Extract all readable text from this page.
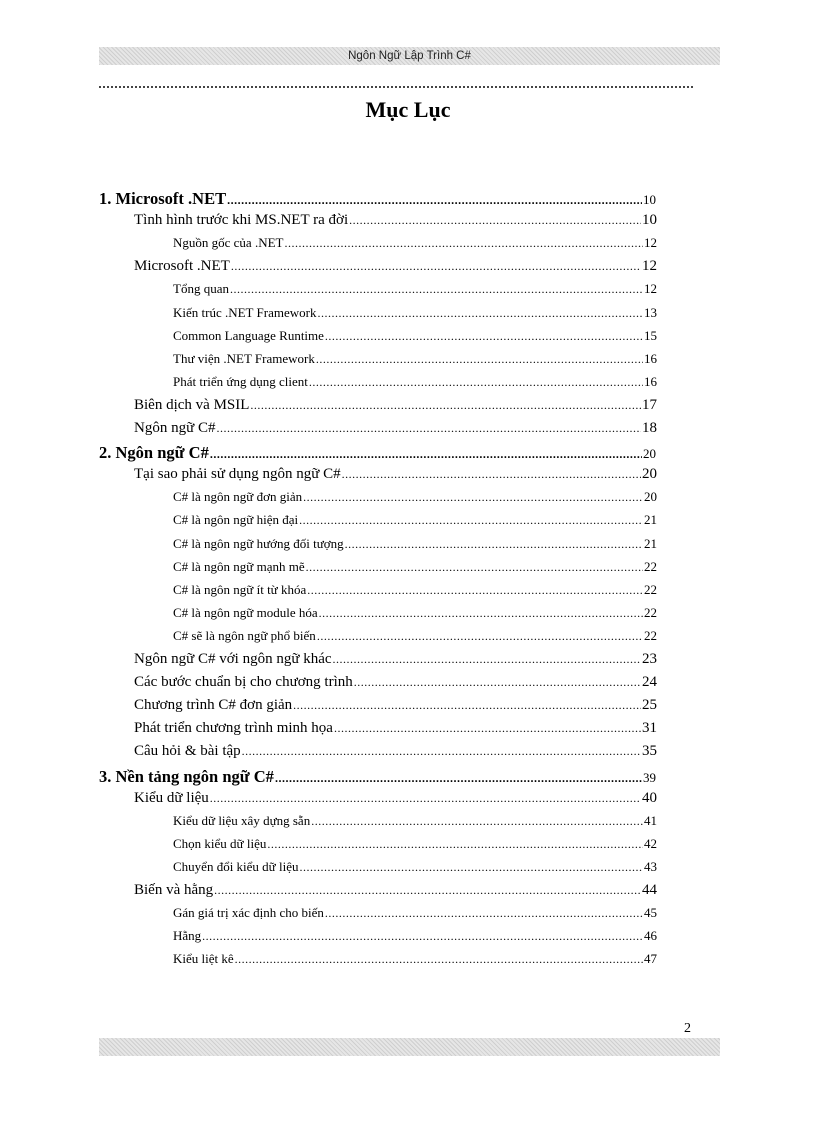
Ngôn Ngữ Lập Trình C#
Mục Lục
1. Microsoft .NET .....	10
Tình hình trước khi MS.NET ra đời .....	10
Nguồn gốc của .NET .....	12
Microsoft .NET .....	12
Tổng quan .....	12
Kiến trúc .NET Framework .....	13
Common Language Runtime .....	15
Thư viện .NET Framework .....	16
Phát triển ứng dụng client .....	16
Biên dịch và MSIL .....	17
Ngôn ngữ C# .....	18
2. Ngôn ngữ C# .....	20
Tại sao phải sử dụng ngôn ngữ C# .....	20
C# là ngôn ngữ đơn giản .....	20
C# là ngôn ngữ hiện đại .....	21
C# là ngôn ngữ hướng đối tượng .....	21
C# là ngôn ngữ mạnh mẽ .....	22
C# là ngôn ngữ ít từ khóa .....	22
C# là ngôn ngữ module hóa .....	22
C# sẽ là ngôn ngữ phổ biến .....	22
Ngôn ngữ C# với ngôn ngữ khác .....	23
Các bước chuẩn bị cho chương trình .....	24
Chương trình C# đơn giản .....	25
Phát triển chương trình minh họa .....	31
Câu hỏi & bài tập .....	35
3. Nền tảng ngôn ngữ C# .....	39
Kiểu dữ liệu .....	40
Kiểu dữ liệu xây dựng sẵn .....	41
Chọn kiểu dữ liệu .....	42
Chuyển đổi kiểu dữ liệu .....	43
Biến và hằng .....	44
Gán giá trị xác định cho biến .....	45
Hằng .....	46
Kiểu liệt kê .....	47
2
